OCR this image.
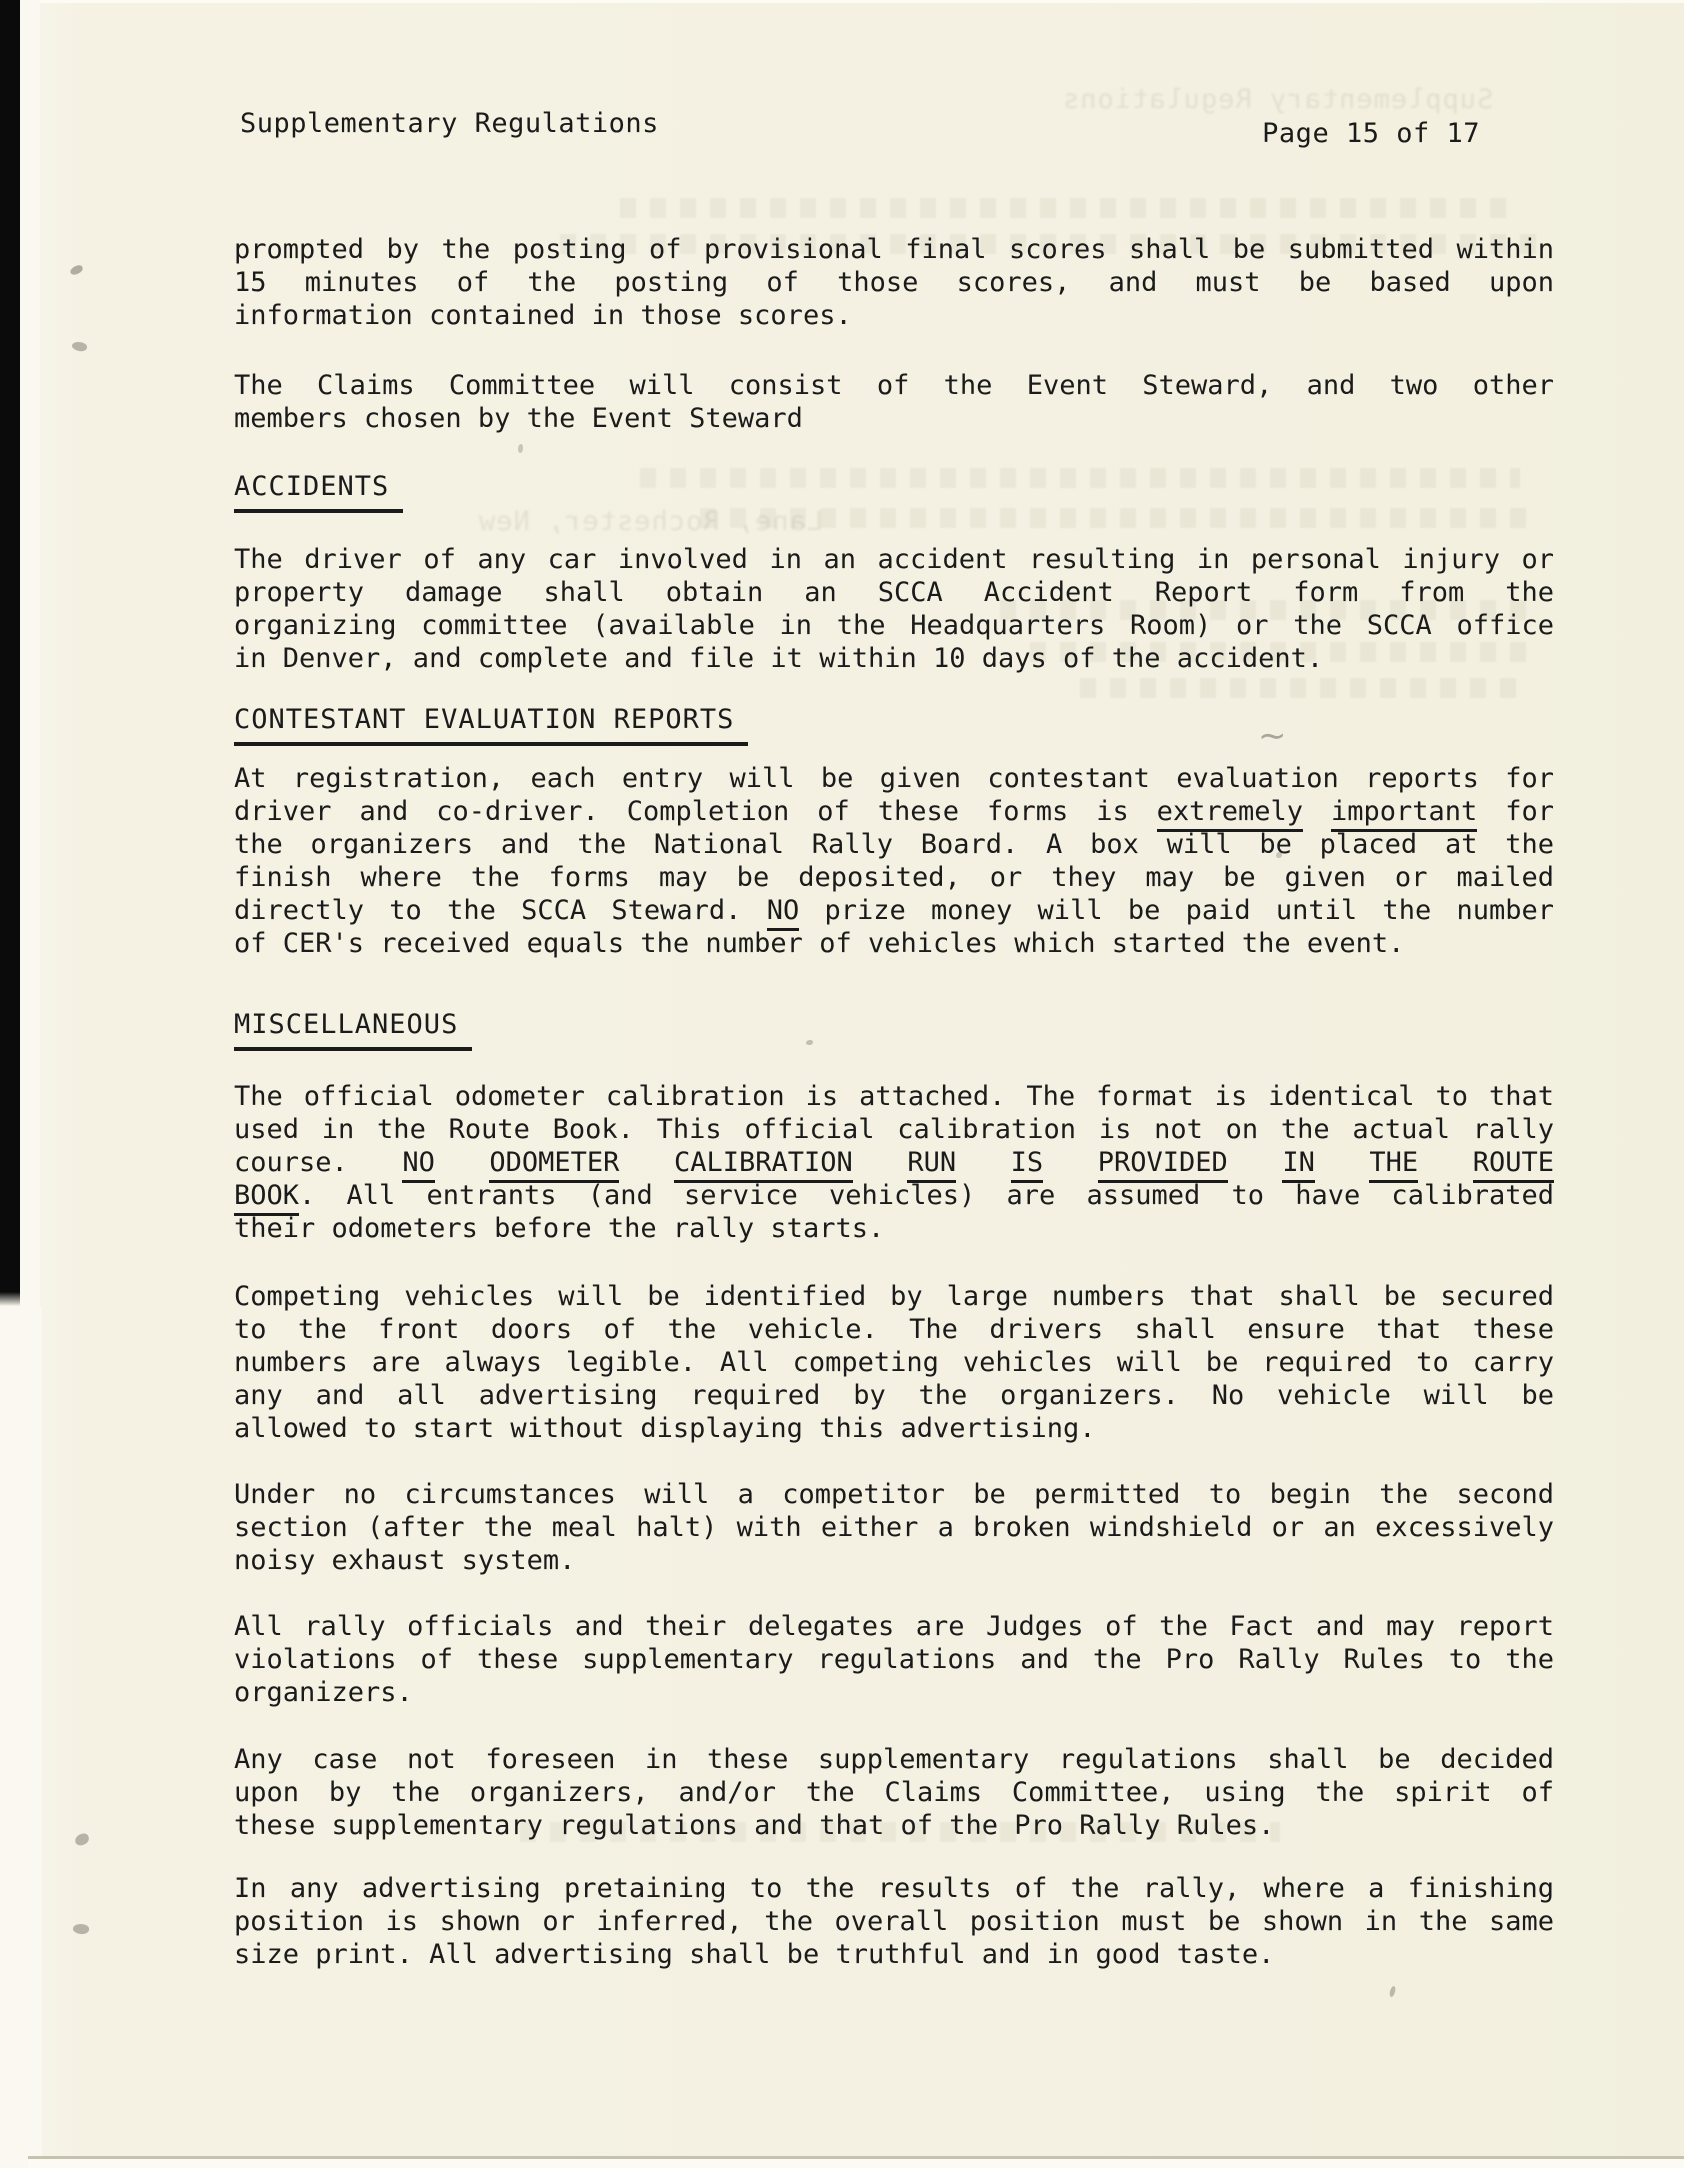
Supplementary Regulations
Lane, Rochester, New
∼
Supplementary Regulations	Page 15 of 17
prompted by the posting of provisional final scores shall be submitted within
15 minutes of the posting of those scores, and must be based upon
information contained in those scores.
The Claims Committee will consist of the Event Steward, and two other
members chosen by the Event Steward
ACCIDENTS
The driver of any car involved in an accident resulting in personal injury or
property damage shall obtain an SCCA Accident Report form from the
organizing committee (available in the Headquarters Room) or the SCCA office
in Denver, and complete and file it within 10 days of the accident.
CONTESTANT EVALUATION REPORTS
At registration, each entry will be given contestant evaluation reports for
driver and co-driver. Completion of these forms is extremely important for
the organizers and the National Rally Board. A box will be placed at the
finish where the forms may be deposited, or they may be given or mailed
directly to the SCCA Steward. NO prize money will be paid until the number
of CER's received equals the number of vehicles which started the event.
MISCELLANEOUS
The official odometer calibration is attached. The format is identical to that
used in the Route Book. This official calibration is not on the actual rally
course. NO ODOMETER CALIBRATION RUN IS PROVIDED IN THE ROUTE
BOOK. All entrants (and service vehicles) are assumed to have calibrated
their odometers before the rally starts.
Competing vehicles will be identified by large numbers that shall be secured
to the front doors of the vehicle. The drivers shall ensure that these
numbers are always legible. All competing vehicles will be required to carry
any and all advertising required by the organizers. No vehicle will be
allowed to start without displaying this advertising.
Under no circumstances will a competitor be permitted to begin the second
section (after the meal halt) with either a broken windshield or an excessively
noisy exhaust system.
All rally officials and their delegates are Judges of the Fact and may report
violations of these supplementary regulations and the Pro Rally Rules to the
organizers.
Any case not foreseen in these supplementary regulations shall be decided
upon by the organizers, and/or the Claims Committee, using the spirit of
these supplementary regulations and that of the Pro Rally Rules.
In any advertising pretaining to the results of the rally, where a finishing
position is shown or inferred, the overall position must be shown in the same
size print. All advertising shall be truthful and in good taste.
